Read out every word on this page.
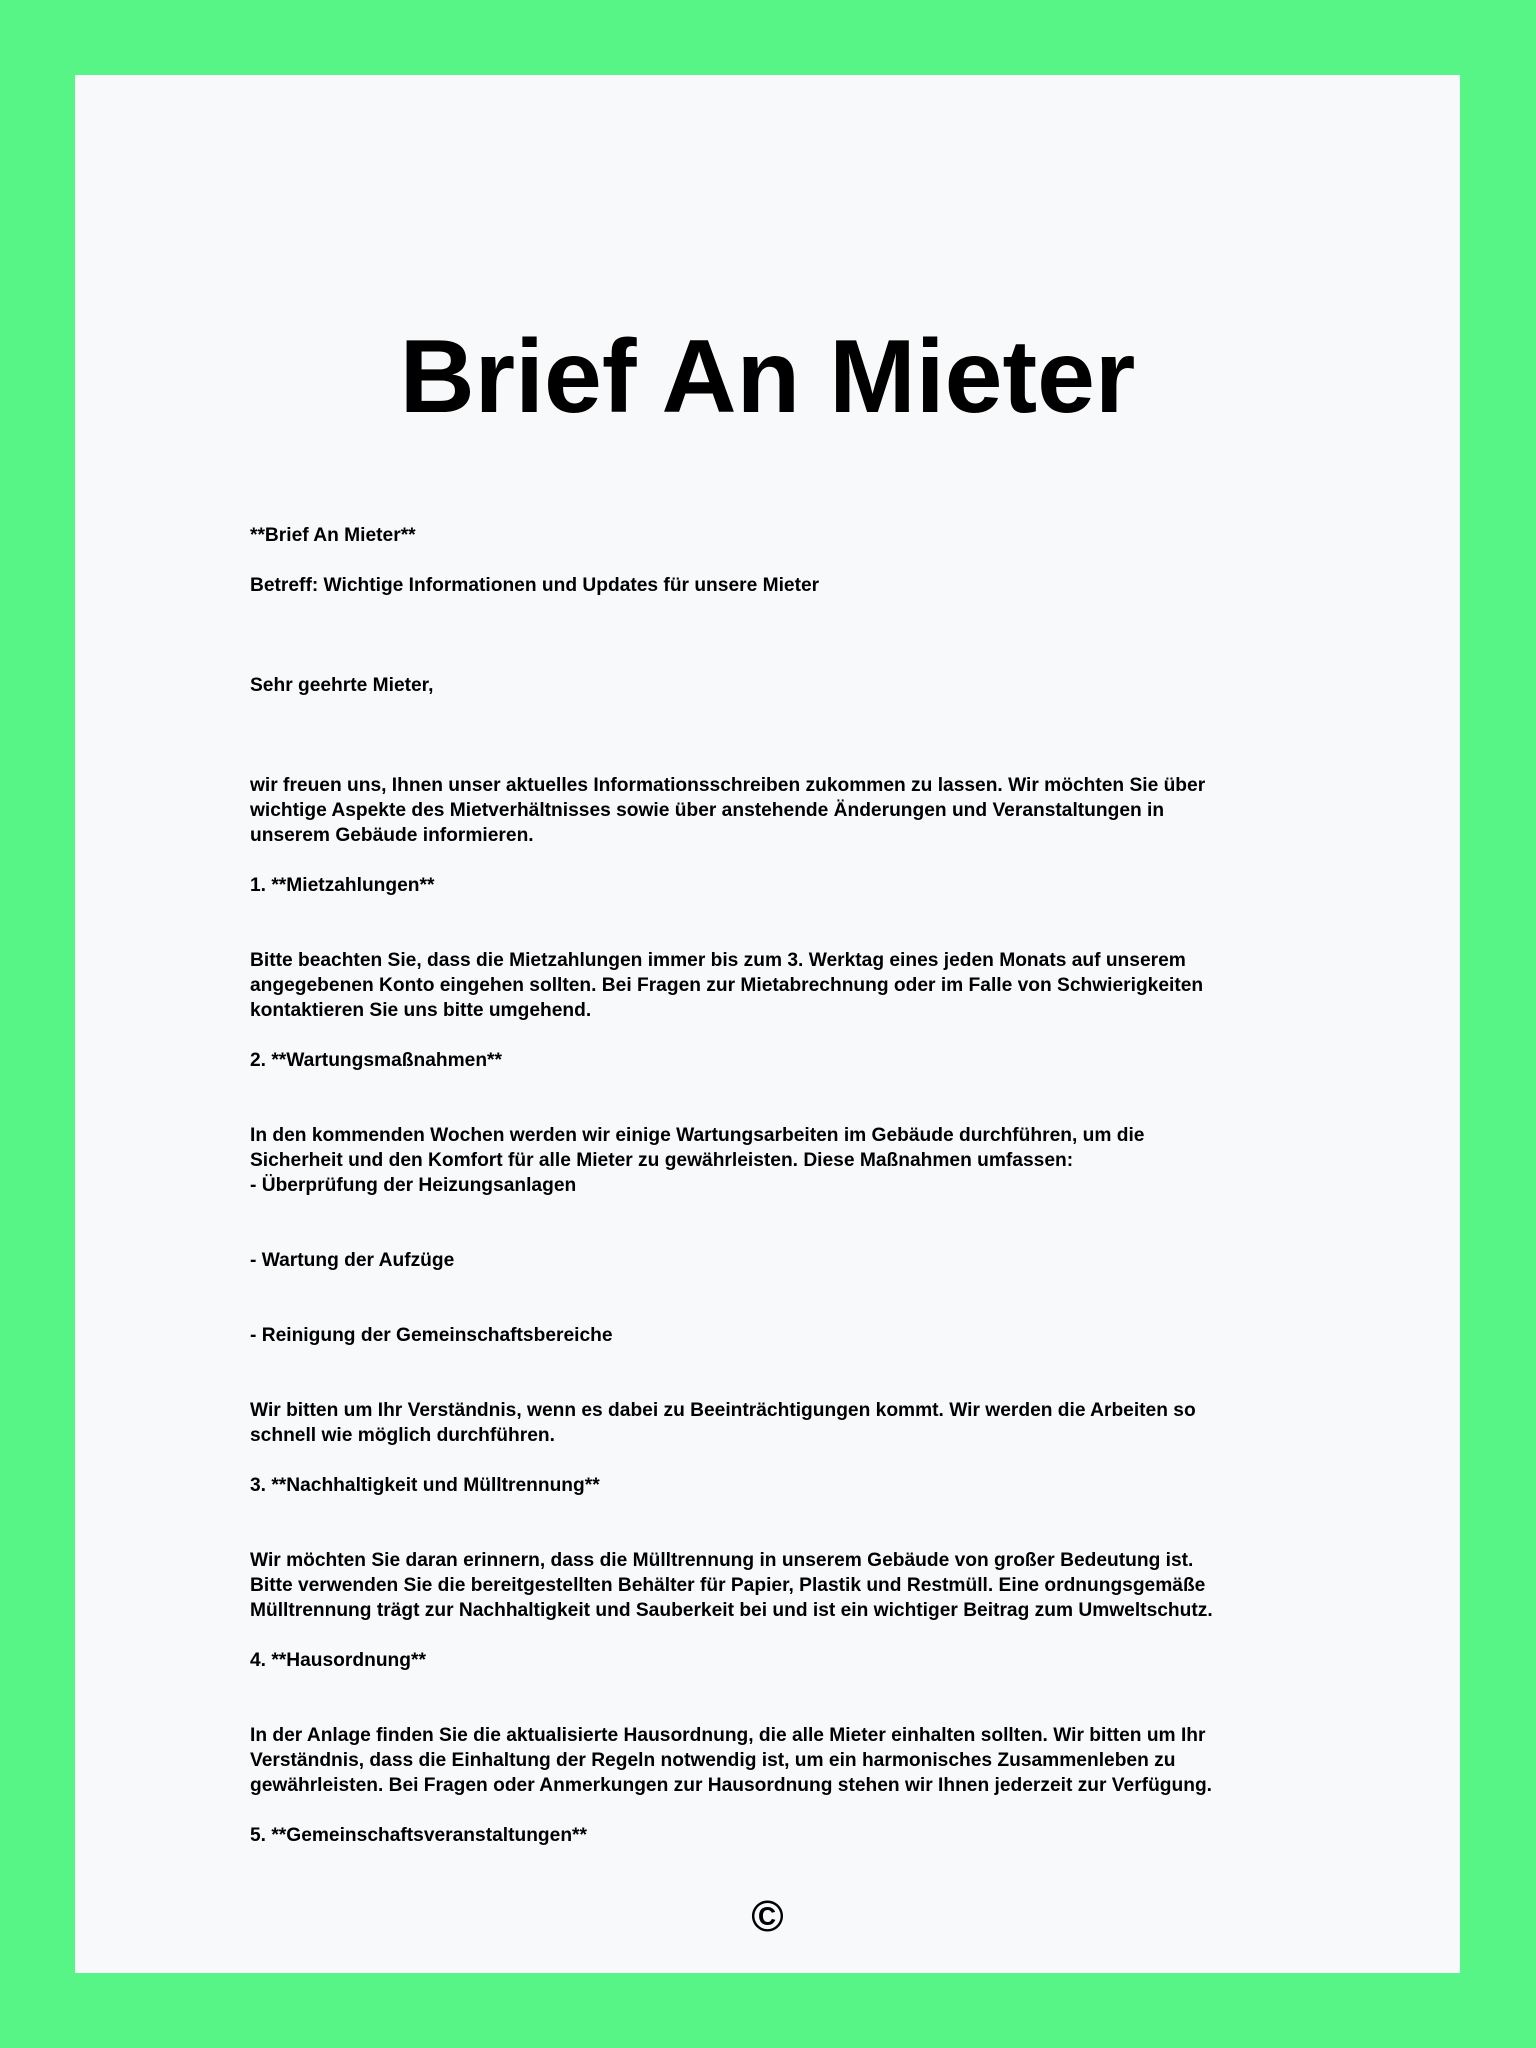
Brief An Mieter
**Brief An Mieter**
Betreff: Wichtige Informationen und Updates für unsere Mieter
Sehr geehrte Mieter,
wir freuen uns, Ihnen unser aktuelles Informationsschreiben zukommen zu lassen. Wir möchten Sie über
wichtige Aspekte des Mietverhältnisses sowie über anstehende Änderungen und Veranstaltungen in
unserem Gebäude informieren.
1. **Mietzahlungen**
Bitte beachten Sie, dass die Mietzahlungen immer bis zum 3. Werktag eines jeden Monats auf unserem
angegebenen Konto eingehen sollten. Bei Fragen zur Mietabrechnung oder im Falle von Schwierigkeiten
kontaktieren Sie uns bitte umgehend.
2. **Wartungsmaßnahmen**
In den kommenden Wochen werden wir einige Wartungsarbeiten im Gebäude durchführen, um die
Sicherheit und den Komfort für alle Mieter zu gewährleisten. Diese Maßnahmen umfassen:
- Überprüfung der Heizungsanlagen
- Wartung der Aufzüge
- Reinigung der Gemeinschaftsbereiche
Wir bitten um Ihr Verständnis, wenn es dabei zu Beeinträchtigungen kommt. Wir werden die Arbeiten so
schnell wie möglich durchführen.
3. **Nachhaltigkeit und Mülltrennung**
Wir möchten Sie daran erinnern, dass die Mülltrennung in unserem Gebäude von großer Bedeutung ist.
Bitte verwenden Sie die bereitgestellten Behälter für Papier, Plastik und Restmüll. Eine ordnungsgemäße
Mülltrennung trägt zur Nachhaltigkeit und Sauberkeit bei und ist ein wichtiger Beitrag zum Umweltschutz.
4. **Hausordnung**
In der Anlage finden Sie die aktualisierte Hausordnung, die alle Mieter einhalten sollten. Wir bitten um Ihr
Verständnis, dass die Einhaltung der Regeln notwendig ist, um ein harmonisches Zusammenleben zu
gewährleisten. Bei Fragen oder Anmerkungen zur Hausordnung stehen wir Ihnen jederzeit zur Verfügung.
5. **Gemeinschaftsveranstaltungen**
©
